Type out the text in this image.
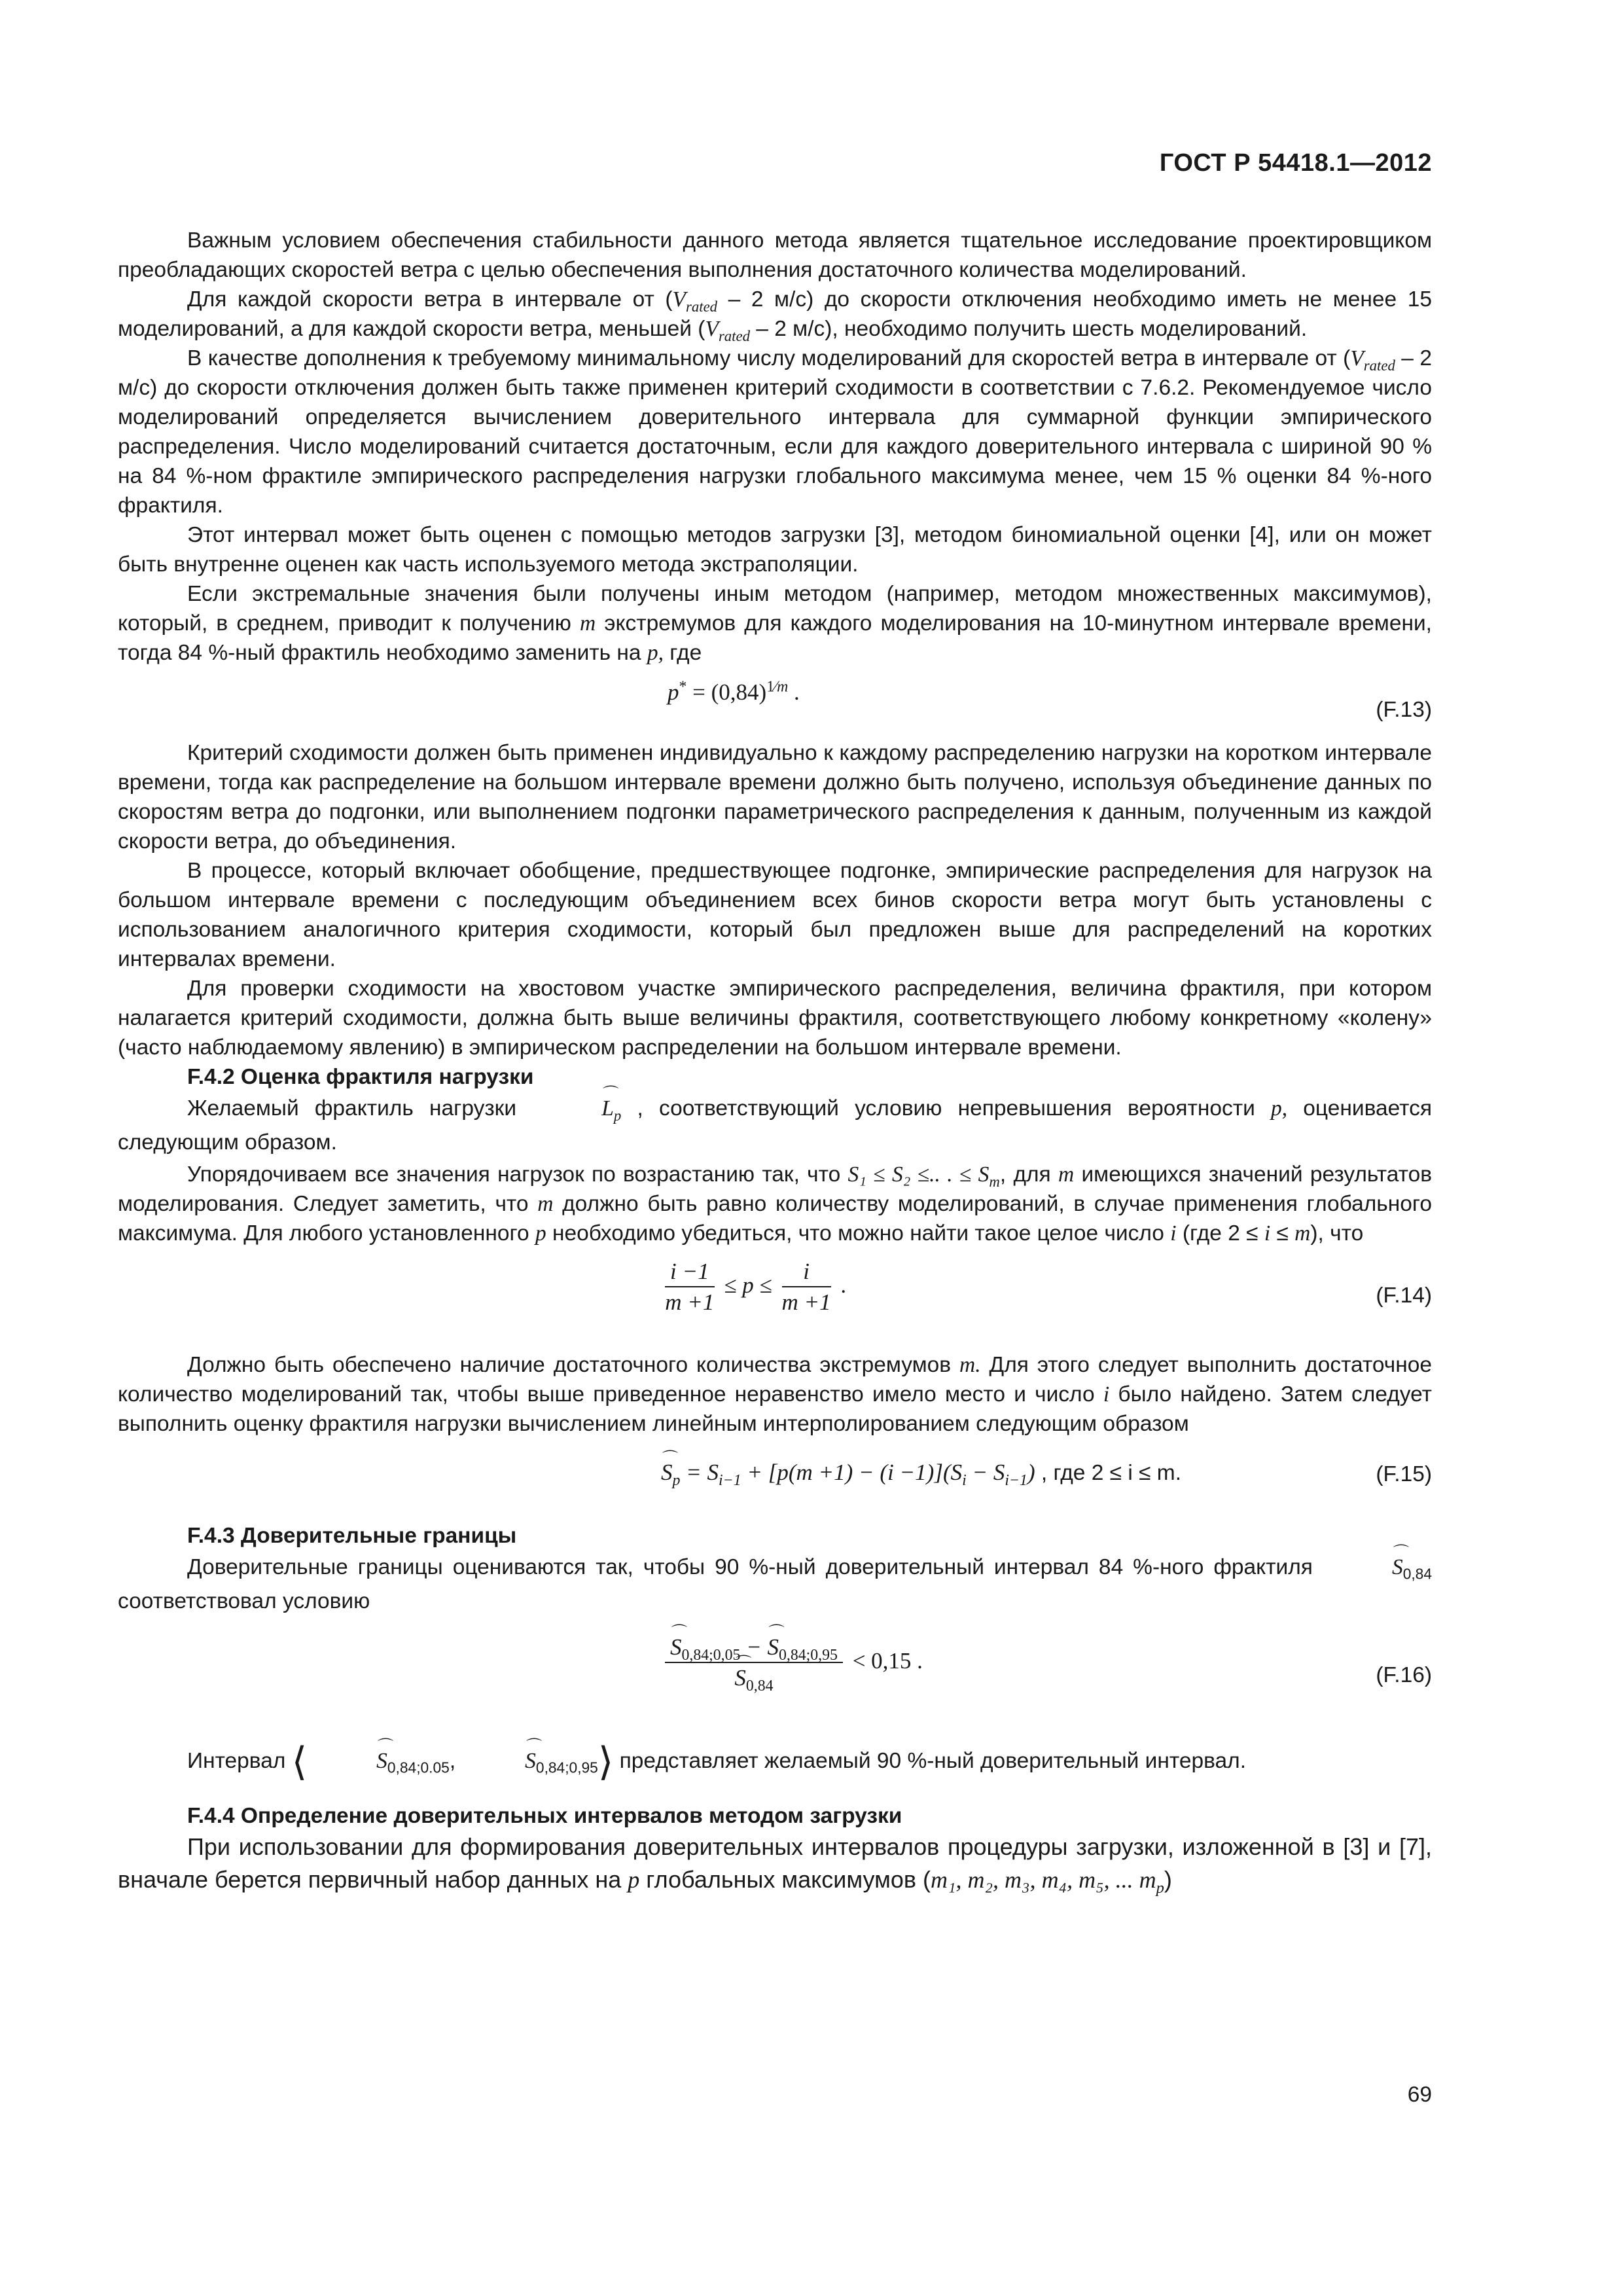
ГОСТ Р 54418.1—2012

Важным условием обеспечения стабильности данного метода является тщательное исследование проектировщиком преобладающих скоростей ветра с целью обеспечения выполнения достаточного количества моделирований.

Для каждой скорости ветра в интервале от ($V_{rated} - 2$ м/с) до скорости отключения необходимо иметь не менее 15 моделирований, а для каждой скорости ветра, меньшей ($V_{rated} - 2$ м/с), необходимо получить шесть моделирований.

В качестве дополнения к требуемому минимальному числу моделирований для скоростей ветра в интервале от ($V_{rated} - 2$ м/с) до скорости отключения должен быть также применен критерий сходимости в соответствии с 7.6.2. Рекомендуемое число моделирований определяется вычислением доверительного интервала для суммарной функции эмпирического распределения. Число моделирований считается достаточным, если для каждого доверительного интервала с шириной 90 % на 84 %-ном фрактиле эмпирического распределения нагрузки глобального максимума менее, чем 15 % оценки 84 %-ного фрактиля.

Этот интервал может быть оценен с помощью методов загрузки [3], методом биномиальной оценки [4], или он может быть внутренне оценен как часть используемого метода экстраполяции.

Если экстремальные значения были получены иным методом (например, методом множественных максимумов), который, в среднем, приводит к получению m экстремумов для каждого моделирования на 10-минутном интервале времени, тогда 84 %-ный фрактиль необходимо заменить на p, где

$p^* = (0,84)^{1⁄m}$ .
(F.13)

Критерий сходимости должен быть применен индивидуально к каждому распределению нагрузки на коротком интервале времени, тогда как распределение на большом интервале времени должно быть получено, используя объединение данных по скоростям ветра до подгонки, или выполнением подгонки параметрического распределения к данным, полученным из каждой скорости ветра, до объединения.

В процессе, который включает обобщение, предшествующее подгонке, эмпирические распределения для нагрузок на большом интервале времени с последующим объединением всех бинов скорости ветра могут быть установлены с использованием аналогичного критерия сходимости, который был предложен выше для распределений на коротких интервалах времени.

Для проверки сходимости на хвостовом участке эмпирического распределения, величина фрактиля, при котором налагается критерий сходимости, должна быть выше величины фрактиля, соответствующего любому конкретному «колену» (часто наблюдаемому явлению) в эмпирическом распределении на большом интервале времени.

F.4.2 Оценка фрактиля нагрузки

Желаемый фрактиль нагрузки ⌒	$L_p$ , соответствующий условию непревышения вероятности p, оценивается следующим образом.

Упорядочиваем все значения нагрузок по возрастанию так, что S₁ ≤ S₂ ≤.. . ≤ $S_m$, для m имеющихся значений результатов моделирования. Следует заметить, что m должно быть равно количеству моделирований, в случае применения глобального максимума. Для любого установленного p необходимо убедиться, что можно найти такое целое число i (где 2 ≤ i ≤ m), что

$\frac{i -1}{m +1} \le p \le \frac{i}{m +1}$ .	(F.14)

Должно быть обеспечено наличие достаточного количества экстремумов m. Для этого следует выполнить достаточное количество моделирований так, чтобы выше приведенное неравенство имело место и число i было найдено. Затем следует выполнить оценку фрактиля нагрузки вычислением линейным интерполированием следующим образом

⌒ $S_p = S_{i-1} + [p(m +1) - (i -1)](S_i - S_{i-1})$ , где 2 ≤ i ≤ m.	(F.15)
F.4.3 Доверительные границы

Доверительные границы оцениваются так, чтобы 90 %-ный доверительный интервал 84 %-ного фрактиля ⌒	$S_{0,84}$ соответствовал условию

⌒ $S_{0,84;0,05}$ − ⌒ $S_{0,84;0,95}$
⌒ $S_{0,84} < 0,15$ .
(F.16)

Интервал ⟨⌒	$S_{0,84;0.05},⌒$	$S_{0,84;0,95}⟩$ представляет желаемый 90 %-ный доверительный интервал.

F.4.4 Определение доверительных интервалов методом загрузки

При использовании для формирования доверительных интервалов процедуры загрузки, изложенной в [3] и [7], вначале берется первичный набор данных на p глобальных максимумов (m₁, m₂, m₃, m₄, m₅, ... $m_p$)

69
